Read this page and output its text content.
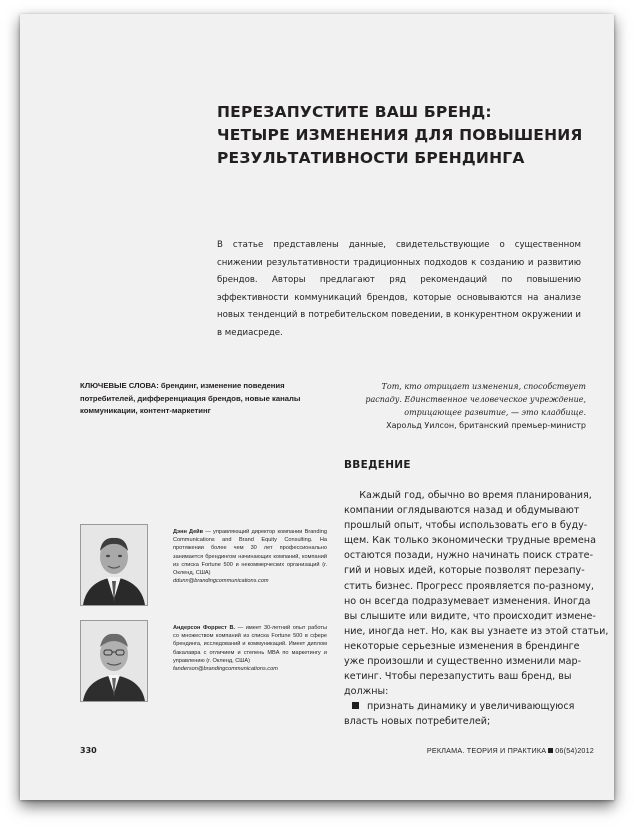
ПЕРЕЗАПУСТИТЕ ВАШ БРЕНД:
ЧЕТЫРЕ ИЗМЕНЕНИЯ ДЛЯ ПОВЫШЕНИЯ
РЕЗУЛЬТАТИВНОСТИ БРЕНДИНГА

В статье представлены данные, свидетельствующие о существенном снижении результативности традиционных подходов к созданию и развитию брендов. Авторы предлагают ряд рекомендаций по повышению эффективности коммуникаций брендов, которые основываются на анализе новых тенденций в потребительском поведении, в конкурентном окружении и в медиасреде.

КЛЮЧЕВЫЕ СЛОВА: брендинг, изменение поведения потребителей, дифференциация брендов, новые каналы коммуникации, контент-маркетинг

Тот, кто отрицает изменения, способствует
распаду. Единственное человеческое учреждение,
отрицающее развитие, — это кладбище.
Харольд Уилсон, британский премьер-министр
ВВЕДЕНИЕ
Каждый год, обычно во время планирования,
компании оглядываются назад и обдумывают
прошлый опыт, чтобы использовать его в буду-
щем. Как только экономически трудные времена
остаются позади, нужно начинать поиск страте-
гий и новых идей, которые позволят перезапу-
стить бизнес. Прогресс проявляется по-разному,
но он всегда подразумевает изменения. Иногда
вы слышите или видите, что происходит измене-
ние, иногда нет. Но, как вы узнаете из этой статьи,
некоторые серьезные изменения в брендинге
уже произошли и существенно изменили мар-
кетинг. Чтобы перезапустить ваш бренд, вы
должны:
признать динамику и увеличивающуюся
власть новых потребителей;

Дэнн Дейв — управляющий директор компании Branding Communications and Brand Equity Consulting. На протяжении более чем 30 лет профессионально занимается брендингом начинающих компаний, компаний из списка Fortune 500 и некоммерческих организаций (г. Окленд, США)
ddunn@brandingcommunications.com

Андерсон Форрест В. — имеет 30-летний опыт работы со множеством компаний из списка Fortune 500 в сфере брендинга, исследований и коммуникаций. Имеет диплом бакалавра с отличием и степень MBA по маркетингу и управлению (г. Окленд, США)
fanderson@brandingcommunications.com

330	РЕКЛАМА. ТЕОРИЯ И ПРАКТИКА 06(54)2012
